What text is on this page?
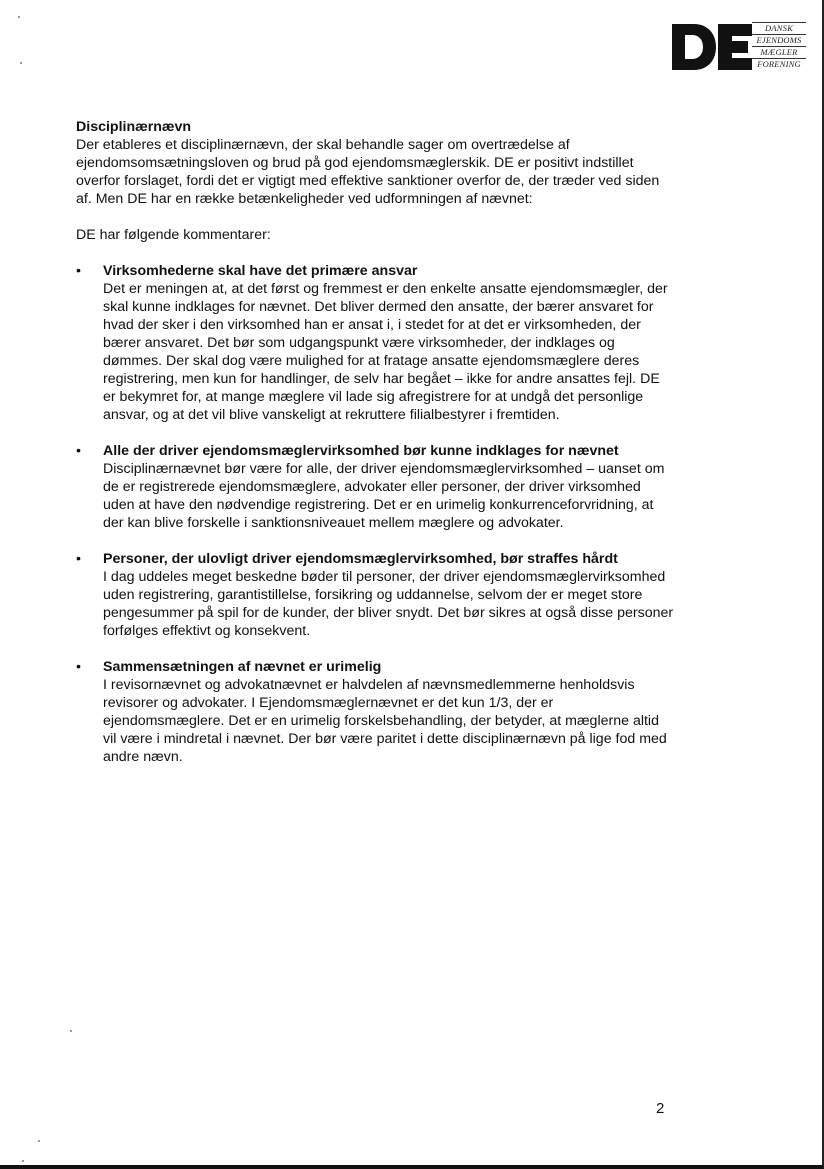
DANSK
EJENDOMS
MÆGLER
FORENING
Disciplinærnævn

Der etableres et disciplinærnævn, der skal behandle sager om overtrædelse af ejendomsomsætningsloven og brud på god ejendomsmæglerskik. DE er positivt indstillet overfor forslaget, fordi det er vigtigt med effektive sanktioner overfor de, der træder ved siden af. Men DE har en række betænkeligheder ved udformningen af nævnet:

DE har følgende kommentarer:

• Virksomhederne skal have det primære ansvar
Det er meningen at, at det først og fremmest er den enkelte ansatte ejendomsmægler, der skal kunne indklages for nævnet. Det bliver dermed den ansatte, der bærer ansvaret for hvad der sker i den virksomhed han er ansat i, i stedet for at det er virksomheden, der bærer ansvaret. Det bør som udgangspunkt være virksomheder, der indklages og dømmes. Der skal dog være mulighed for at fratage ansatte ejendomsmæglere deres registrering, men kun for handlinger, de selv har begået – ikke for andre ansattes fejl. DE er bekymret for, at mange mæglere vil lade sig afregistrere for at undgå det personlige ansvar, og at det vil blive vanskeligt at rekruttere filialbestyrer i fremtiden.
• Alle der driver ejendomsmæglervirksomhed bør kunne indklages for nævnet
Disciplinærnævnet bør være for alle, der driver ejendomsmæglervirksomhed – uanset om de er registrerede ejendomsmæglere, advokater eller personer, der driver virksomhed uden at have den nødvendige registrering. Det er en urimelig konkurrenceforvridning, at der kan blive forskelle i sanktionsniveauet mellem mæglere og advokater.
• Personer, der ulovligt driver ejendomsmæglervirksomhed, bør straffes hårdt
I dag uddeles meget beskedne bøder til personer, der driver ejendomsmæglervirksomhed uden registrering, garantistillelse, forsikring og uddannelse, selvom der er meget store pengesummer på spil for de kunder, der bliver snydt. Det bør sikres at også disse personer forfølges effektivt og konsekvent.
• Sammensætningen af nævnet er urimelig
I revisornævnet og advokatnævnet er halvdelen af nævnsmedlemmerne henholdsvis revisorer og advokater. I Ejendomsmæglernævnet er det kun 1/3, der er ejendomsmæglere. Det er en urimelig forskelsbehandling, der betyder, at mæglerne altid vil være i mindretal i nævnet. Der bør være paritet i dette disciplinærnævn på lige fod med andre nævn.
2
